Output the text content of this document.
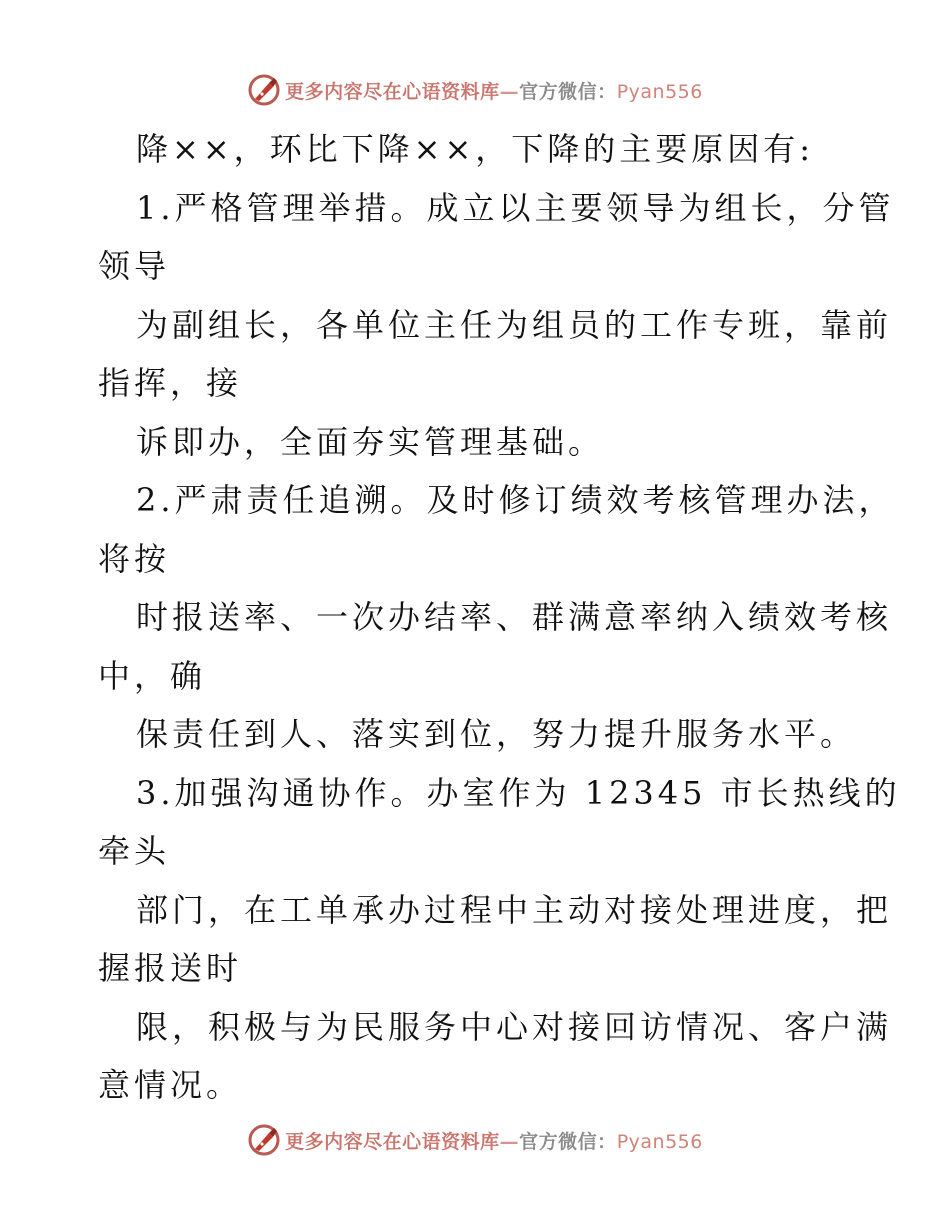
更多内容尽在心语资料库—官方微信：Pyan556
降××，环比下降××，下降的主要原因有:
1.严格管理举措。成立以主要领导为组长，分管
领导
为副组长，各单位主任为组员的工作专班，靠前
指挥，接
诉即办，全面夯实管理基础。
2.严肃责任追溯。及时修订绩效考核管理办法，
将按
时报送率、一次办结率、群满意率纳入绩效考核
中，确
保责任到人、落实到位，努力提升服务水平。
3.加强沟通协作。办室作为 12345 市长热线的
牵头
部门，在工单承办过程中主动对接处理进度，把
握报送时
限，积极与为民服务中心对接回访情况、客户满
意情况。
更多内容尽在心语资料库—官方微信：Pyan556
